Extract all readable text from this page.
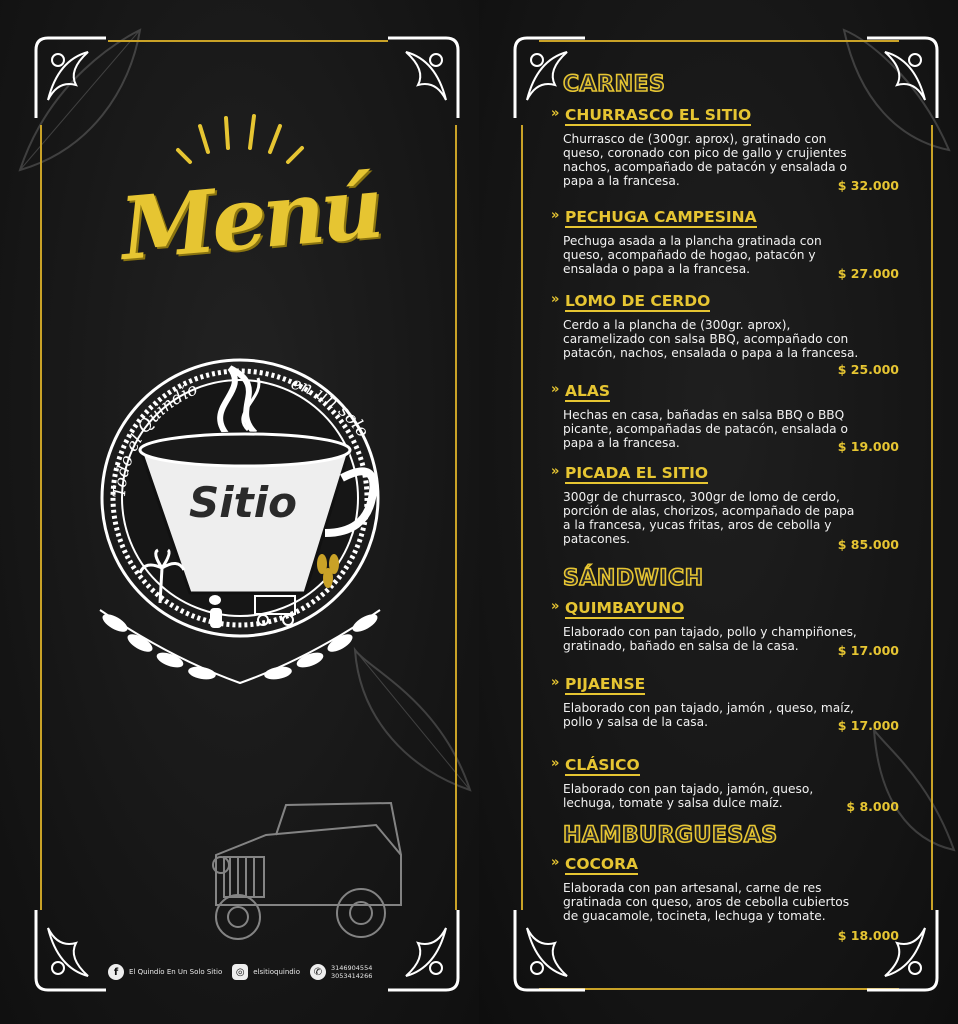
Menú
Todo el Quindío	en un solo
Sitio
f	El Quindío En Un Solo Sitio	◎	elsitioquindio	✆	3146904554
3053414266
CARNES
SÁNDWICH
HAMBURGUESAS
» CHURRASCO EL SITIO
Churrasco de (300gr. aprox), gratinado con queso, coronado con pico de gallo y crujientes nachos, acompañado de patacón y ensalada o papa a la francesa.	$ 32.000
» PECHUGA CAMPESINA
Pechuga asada a la plancha gratinada con queso, acompañado de hogao, patacón y ensalada o papa a la francesa.	$ 27.000
» LOMO DE CERDO
Cerdo a la plancha de (300gr. aprox), caramelizado con salsa BBQ, acompañado con patacón, nachos, ensalada o papa a la francesa.
$ 25.000
» ALAS
Hechas en casa, bañadas en salsa BBQ o BBQ picante, acompañadas de patacón, ensalada o papa a la francesa.	$ 19.000
» PICADA EL SITIO
300gr de churrasco, 300gr de lomo de cerdo, porción de alas, chorizos, acompañado de papa a la francesa, yucas fritas, aros de cebolla y patacones.	$ 85.000
» QUIMBAYUNO
Elaborado con pan tajado, pollo y champiñones, gratinado, bañado en salsa de la casa.	$ 17.000
» PIJAENSE
Elaborado con pan tajado, jamón , queso, maíz, pollo y salsa de la casa.	$ 17.000
» CLÁSICO
Elaborado con pan tajado, jamón, queso, lechuga, tomate y salsa dulce maíz.	$ 8.000
» COCORA
Elaborada con pan artesanal, carne de res gratinada con queso, aros de cebolla cubiertos de guacamole, tocineta, lechuga y tomate.
$ 18.000
